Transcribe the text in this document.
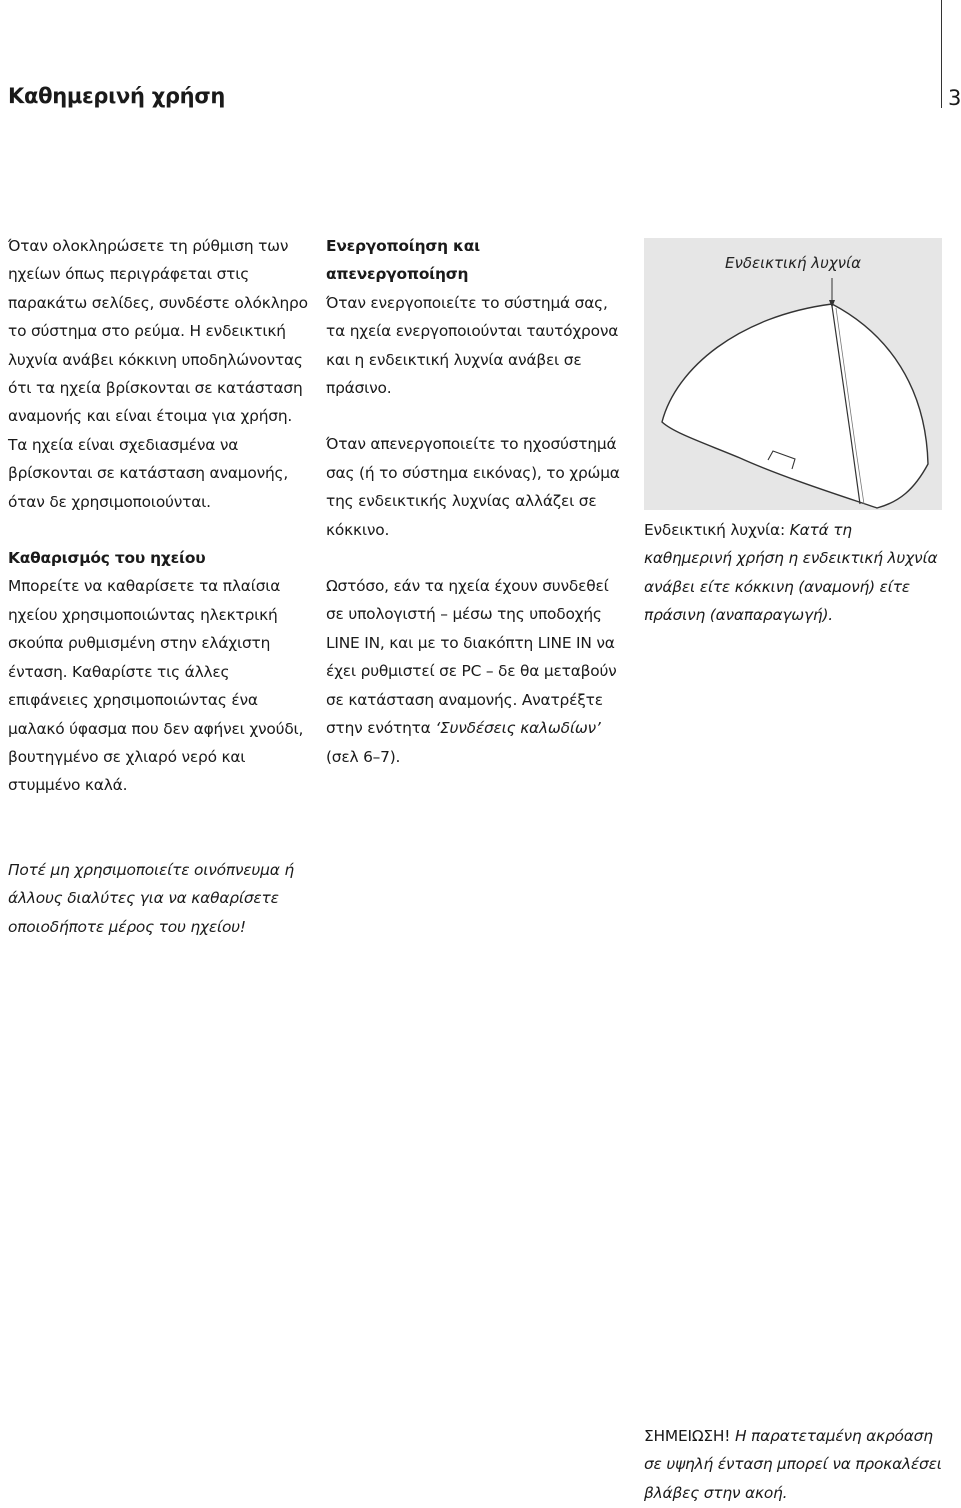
Καθημερινή χρήση	3

Όταν ολοκληρώσετε τη ρύθμιση των ηχείων όπως περιγράφεται στις παρακάτω σελίδες, συνδέστε ολόκληρο το σύστημα στο ρεύμα. Η ενδεικτική λυχνία ανάβει κόκκινη υποδηλώνοντας ότι τα ηχεία βρίσκονται σε κατάσταση αναμονής και είναι έτοιμα για χρήση. Τα ηχεία είναι σχεδιασμένα να βρίσκονται σε κατάσταση αναμονής, όταν δε χρησιμοποιούνται.

Καθαρισμός του ηχείου

Μπορείτε να καθαρίσετε τα πλαίσια ηχείου χρησιμοποιώντας ηλεκτρική σκούπα ρυθμισμένη στην ελάχιστη ένταση. Καθαρίστε τις άλλες επιφάνειες χρησιμοποιώντας ένα μαλακό ύφασμα που δεν αφήνει χνούδι, βουτηγμένο σε χλιαρό νερό και στυμμένο καλά.

Ποτέ μη χρησιμοποιείτε οινόπνευμα ή άλλους διαλύτες για να καθαρίσετε οποιοδήποτε μέρος του ηχείου!

Ενεργοποίηση και απενεργοποίηση

Όταν ενεργοποιείτε το σύστημά σας, τα ηχεία ενεργοποιούνται ταυτόχρονα και η ενδεικτική λυχνία ανάβει σε πράσινο.

Όταν απενεργοποιείτε το ηχοσύστημά σας (ή το σύστημα εικόνας), το χρώμα της ενδεικτικής λυχνίας αλλάζει σε κόκκινο.

Ωστόσο, εάν τα ηχεία έχουν συνδεθεί σε υπολογιστή – μέσω της υποδοχής LINE IN, και με το διακόπτη LINE IN να έχει ρυθμιστεί σε PC – δε θα μεταβούν σε κατάσταση αναμονής. Ανατρέξτε στην ενότητα ‘Συνδέσεις καλωδίων’ (σελ 6–7).

Ενδεικτική λυχνία

Ενδεικτική λυχνία: Κατά τη καθημερινή χρήση η ενδεικτική λυχνία ανάβει είτε κόκκινη (αναμονή) είτε πράσινη (αναπαραγωγή).

ΣΗΜΕΙΩΣΗ! Η παρατεταμένη ακρόαση σε υψηλή ένταση μπορεί να προκαλέσει βλάβες στην ακοή.
